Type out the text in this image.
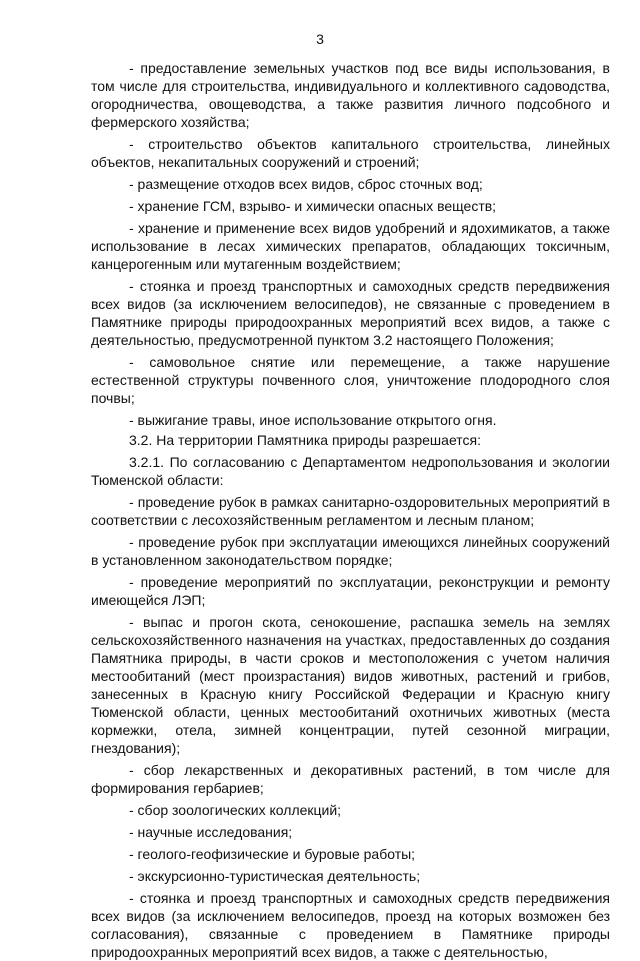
3

- предоставление земельных участков под все виды использования, в том числе для строительства, индивидуального и коллективного садоводства, огородничества, овощеводства, а также развития личного подсобного и фермерского хозяйства;

- строительство объектов капитального строительства, линейных объектов, некапитальных сооружений и строений;

- размещение отходов всех видов, сброс сточных вод;

- хранение ГСМ, взрыво- и химически опасных веществ;

- хранение и применение всех видов удобрений и ядохимикатов, а также использование в лесах химических препаратов, обладающих токсичным, канцерогенным или мутагенным воздействием;

- стоянка и проезд транспортных и самоходных средств передвижения всех видов (за исключением велосипедов), не связанные с проведением в Памятнике природы природоохранных мероприятий всех видов, а также с деятельностью, предусмотренной пунктом 3.2 настоящего Положения;

- самовольное снятие или перемещение, а также нарушение естественной структуры почвенного слоя, уничтожение плодородного слоя почвы;

- выжигание травы, иное использование открытого огня.

3.2. На территории Памятника природы разрешается:

3.2.1. По согласованию с Департаментом недропользования и экологии Тюменской области:

- проведение рубок в рамках санитарно-оздоровительных мероприятий в соответствии с лесохозяйственным регламентом и лесным планом;

- проведение рубок при эксплуатации имеющихся линейных сооружений в установленном законодательством порядке;

- проведение мероприятий по эксплуатации, реконструкции и ремонту имеющейся ЛЭП;

- выпас и прогон скота, сенокошение, распашка земель на землях сельскохозяйственного назначения на участках, предоставленных до создания Памятника природы, в части сроков и местоположения с учетом наличия местообитаний (мест произрастания) видов животных, растений и грибов, занесенных в Красную книгу Российской Федерации и Красную книгу Тюменской области, ценных местообитаний охотничьих животных (места кормежки, отела, зимней концентрации, путей сезонной миграции, гнездования);

- сбор лекарственных и декоративных растений, в том числе для формирования гербариев;

- сбор зоологических коллекций;

- научные исследования;

- геолого-геофизические и буровые работы;

- экскурсионно-туристическая деятельность;

- стоянка и проезд транспортных и самоходных средств передвижения всех видов (за исключением велосипедов, проезд на которых возможен без согласования), связанные с проведением в Памятнике природы природоохранных мероприятий всех видов, а также с деятельностью,
